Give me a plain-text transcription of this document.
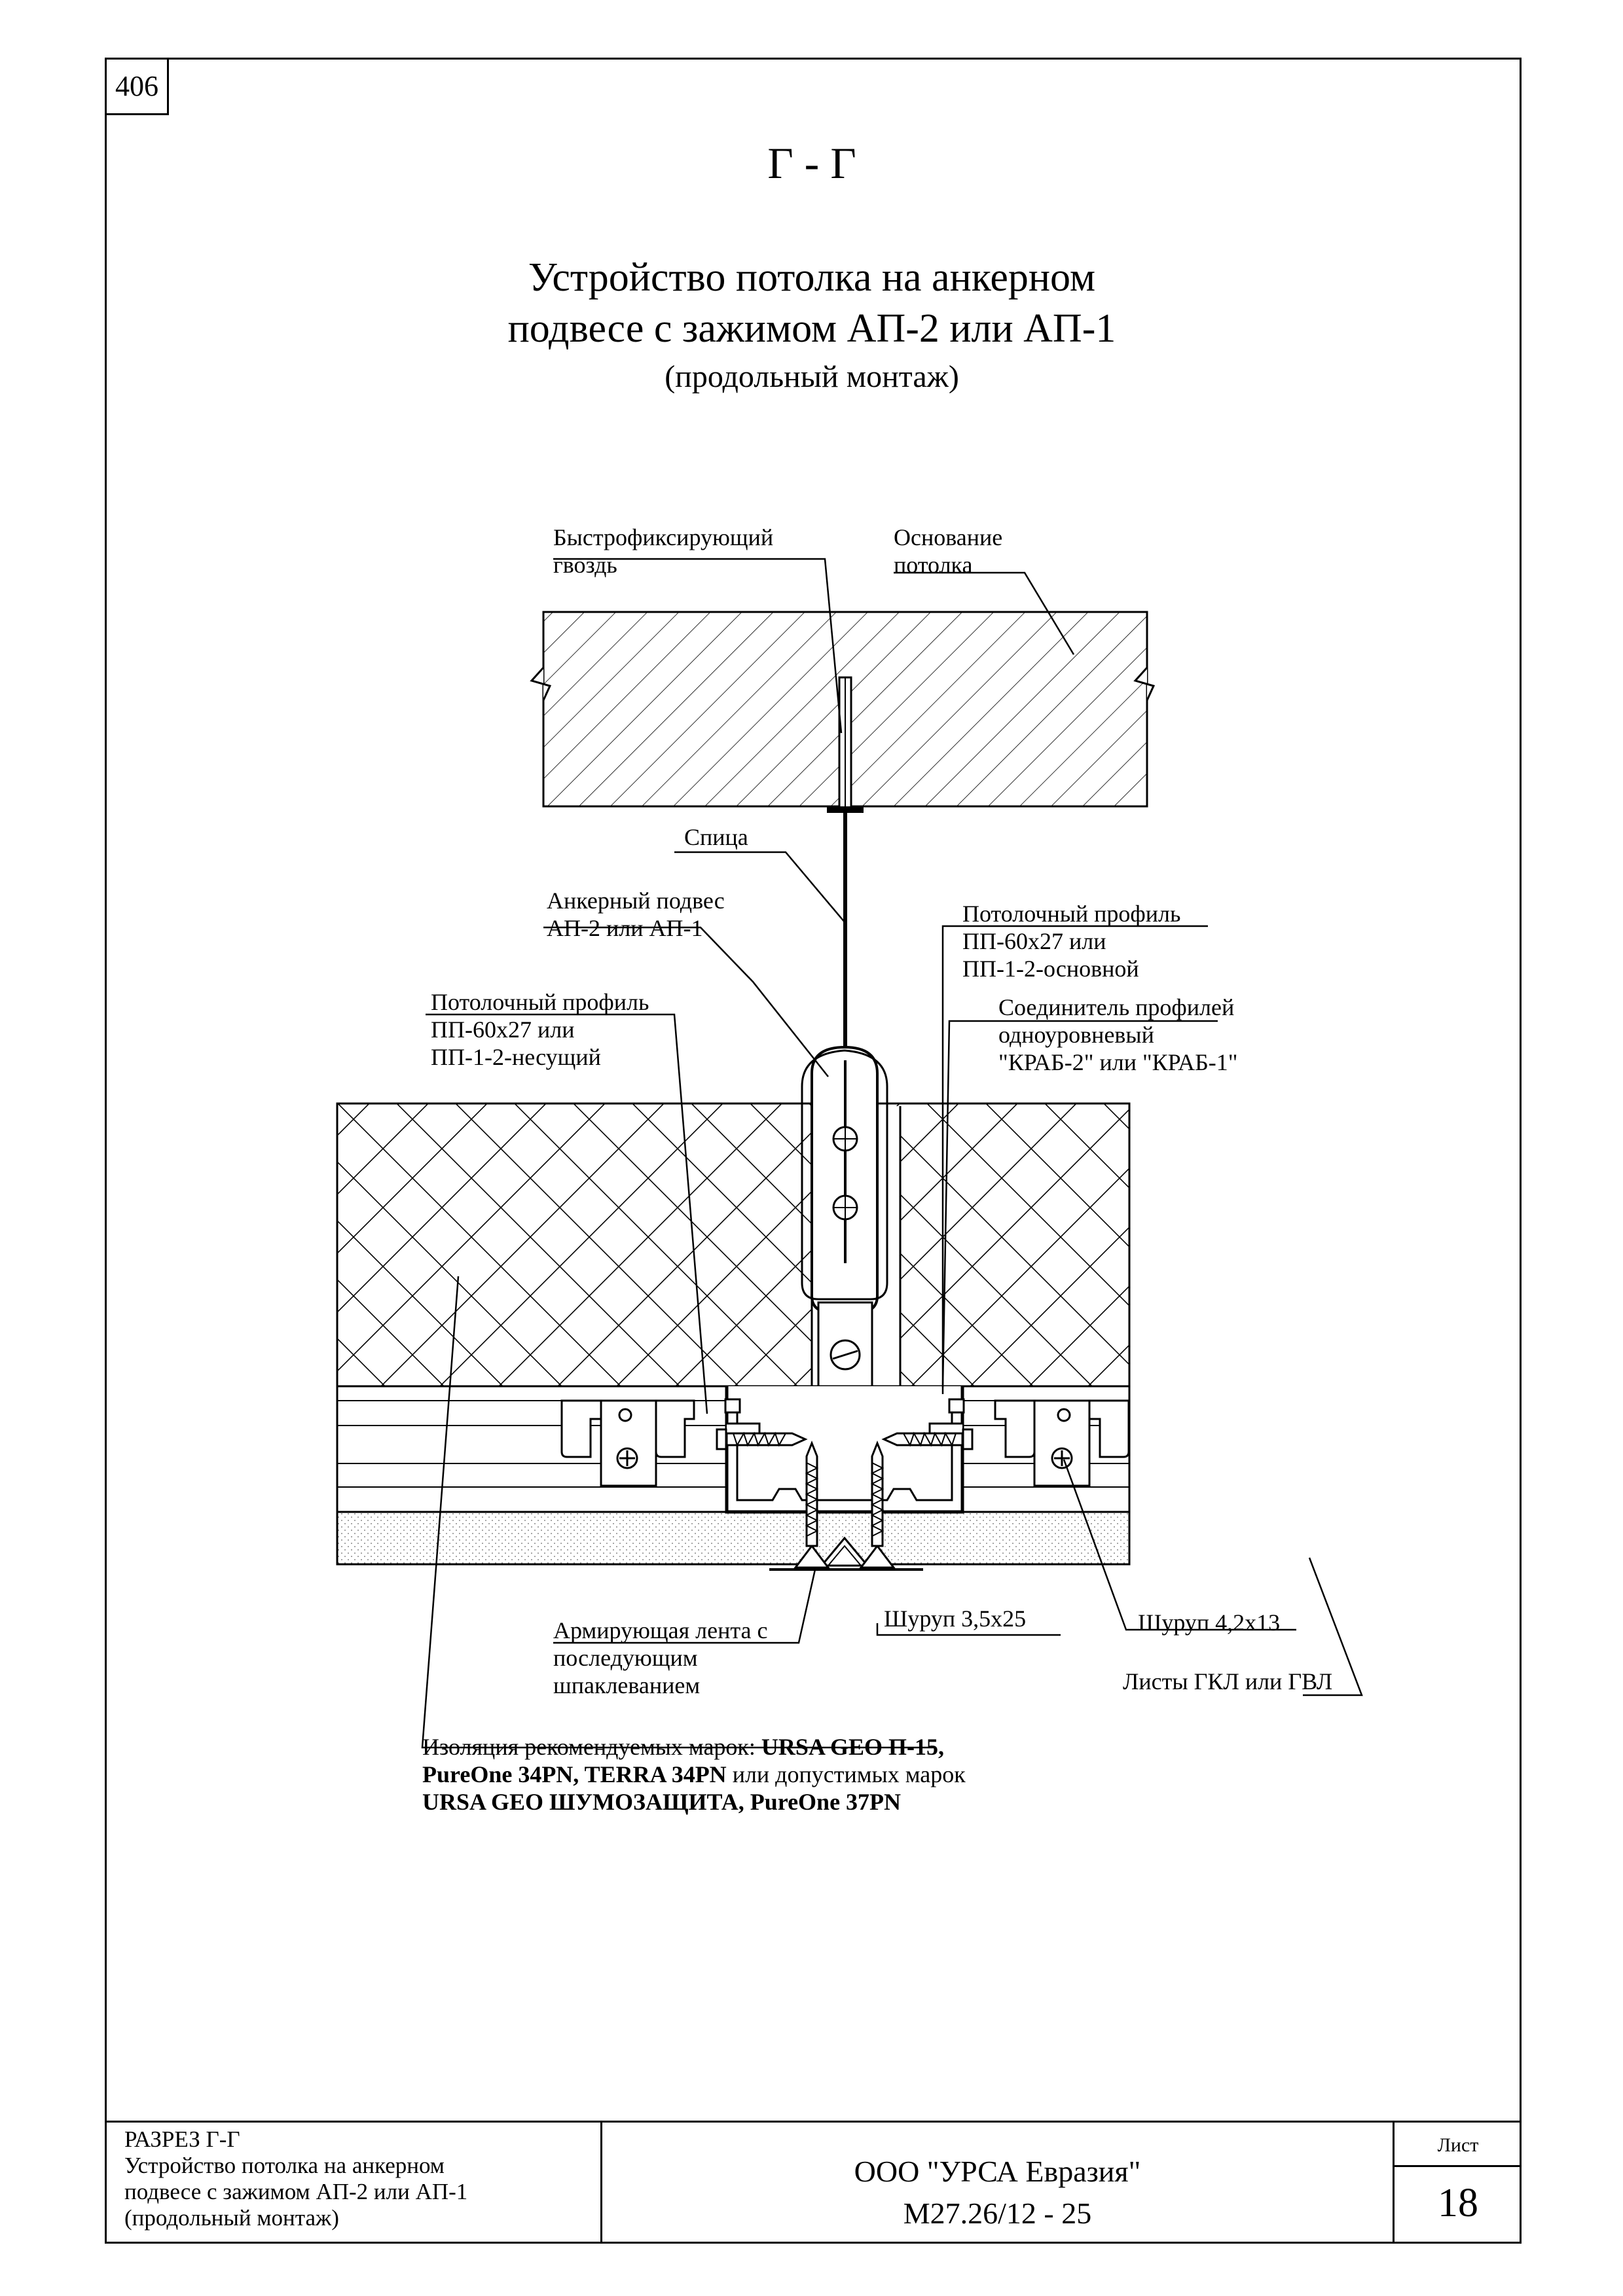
406
Г - Г
Устройство потолка на анкерном
подвесе с зажимом АП-2 или АП-1
(продольный монтаж)
Быстрофиксирующий
гвоздь
Основание
потолка
Спица
Анкерный подвес
АП-2 или АП-1
Потолочный профиль
ПП-60х27 или
ПП-1-2-основной
Соединитель профилей
одноуровневый
"КРАБ-2" или "КРАБ-1"
Потолочный профиль
ПП-60х27 или
ПП-1-2-несущий
Шуруп 3,5х25	Шуруп 4,2х13
Армирующая лента с
последующим
шпаклеванием	Листы ГКЛ или ГВЛ
Изоляция рекомендуемых марок: URSA GEO П-15, PureOne 34PN, TERRA 34PN или допустимых марок URSA GEO ШУМОЗАЩИТА, PureOne 37PN
РАЗРЕЗ Г-Г
Устройство потолка на анкерном
подвесе с зажимом АП-2 или АП-1
(продольный монтаж)
ООО "УРСА Евразия"
М27.26/12 - 25
Лист
18
